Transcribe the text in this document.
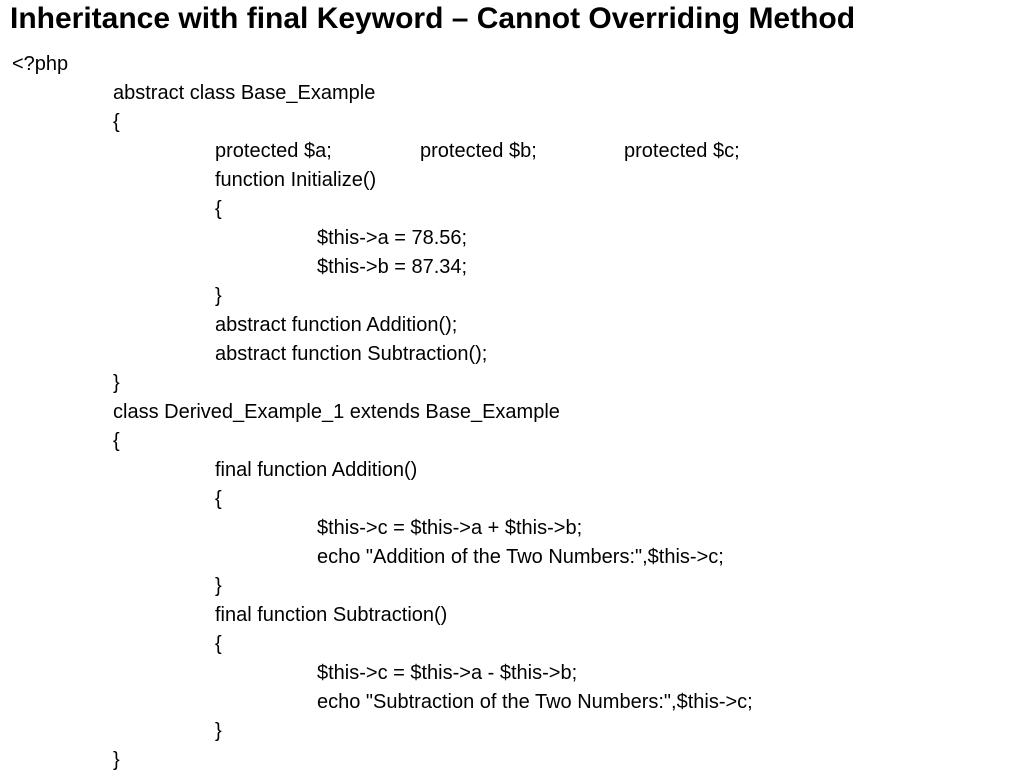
Inheritance with final Keyword – Cannot Overriding Method
<?php
abstract class Base_Example
{
protected $a;	protected $b;	protected $c;
function Initialize()
{
$this->a = 78.56;
$this->b = 87.34;
}
abstract function Addition();
abstract function Subtraction();
}
class Derived_Example_1 extends Base_Example
{
final function Addition()
{
$this->c = $this->a + $this->b;
echo "Addition of the Two Numbers:",$this->c;
}
final function Subtraction()
{
$this->c = $this->a - $this->b;
echo "Subtraction of the Two Numbers:",$this->c;
}
}
